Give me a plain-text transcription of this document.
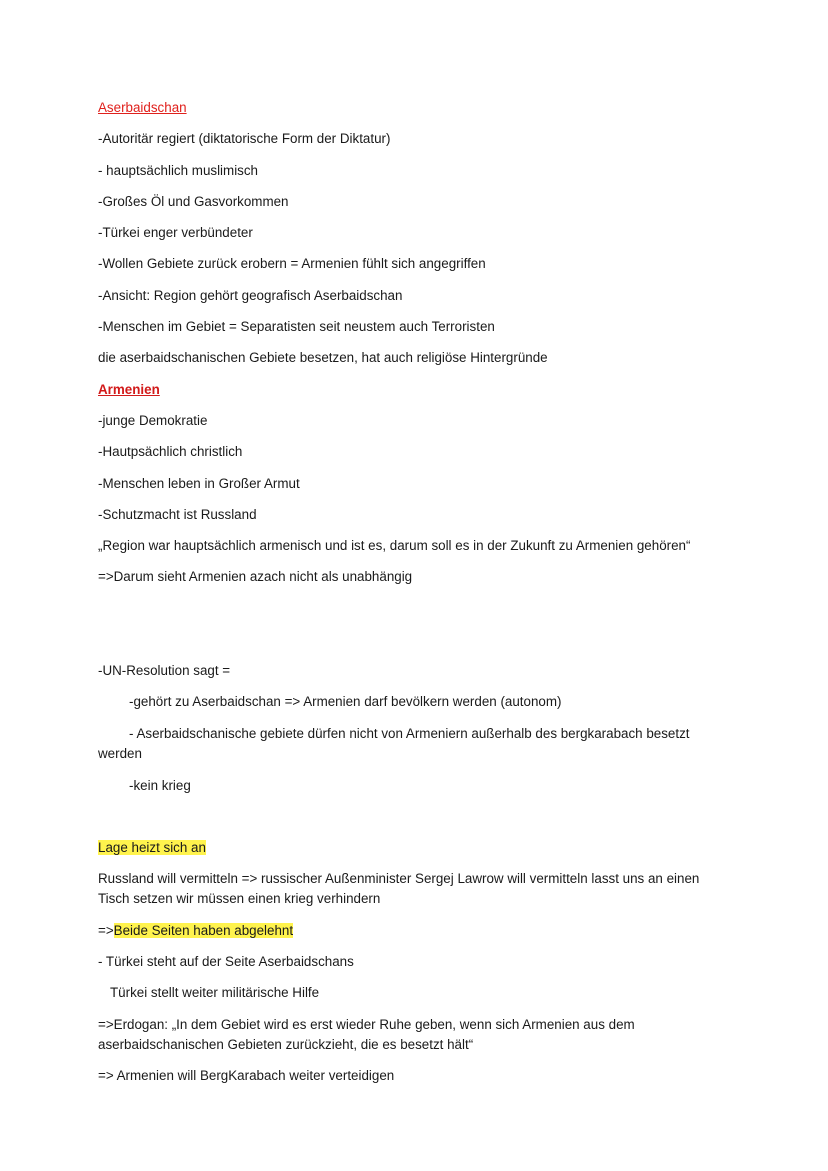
Aserbaidschan
-Autoritär regiert (diktatorische Form der Diktatur)
- hauptsächlich muslimisch
-Großes Öl und Gasvorkommen
-Türkei enger verbündeter
-Wollen Gebiete zurück erobern = Armenien fühlt sich angegriffen
-Ansicht: Region gehört geografisch Aserbaidschan
-Menschen im Gebiet = Separatisten seit neustem auch Terroristen
die aserbaidschanischen Gebiete besetzen, hat auch religiöse Hintergründe
Armenien
-junge Demokratie
-Hautpsächlich christlich
-Menschen leben in Großer Armut
-Schutzmacht ist Russland
„Region war hauptsächlich armenisch und ist es, darum soll es in der Zukunft zu Armenien gehören“
=>Darum sieht Armenien azach nicht als unabhängig
-UN-Resolution sagt =
-gehört zu Aserbaidschan => Armenien darf bevölkern werden (autonom)
- Aserbaidschanische gebiete dürfen nicht von Armeniern außerhalb des bergkarabach besetzt
werden
-kein krieg
Lage heizt sich an
Russland will vermitteln => russischer Außenminister Sergej Lawrow will vermitteln lasst uns an einen
Tisch setzen wir müssen einen krieg verhindern
=>Beide Seiten haben abgelehnt
- Türkei steht auf der Seite Aserbaidschans
Türkei stellt weiter militärische Hilfe
=>Erdogan: „In dem Gebiet wird es erst wieder Ruhe geben, wenn sich Armenien aus dem
aserbaidschanischen Gebieten zurückzieht, die es besetzt hält“
=> Armenien will BergKarabach weiter verteidigen
